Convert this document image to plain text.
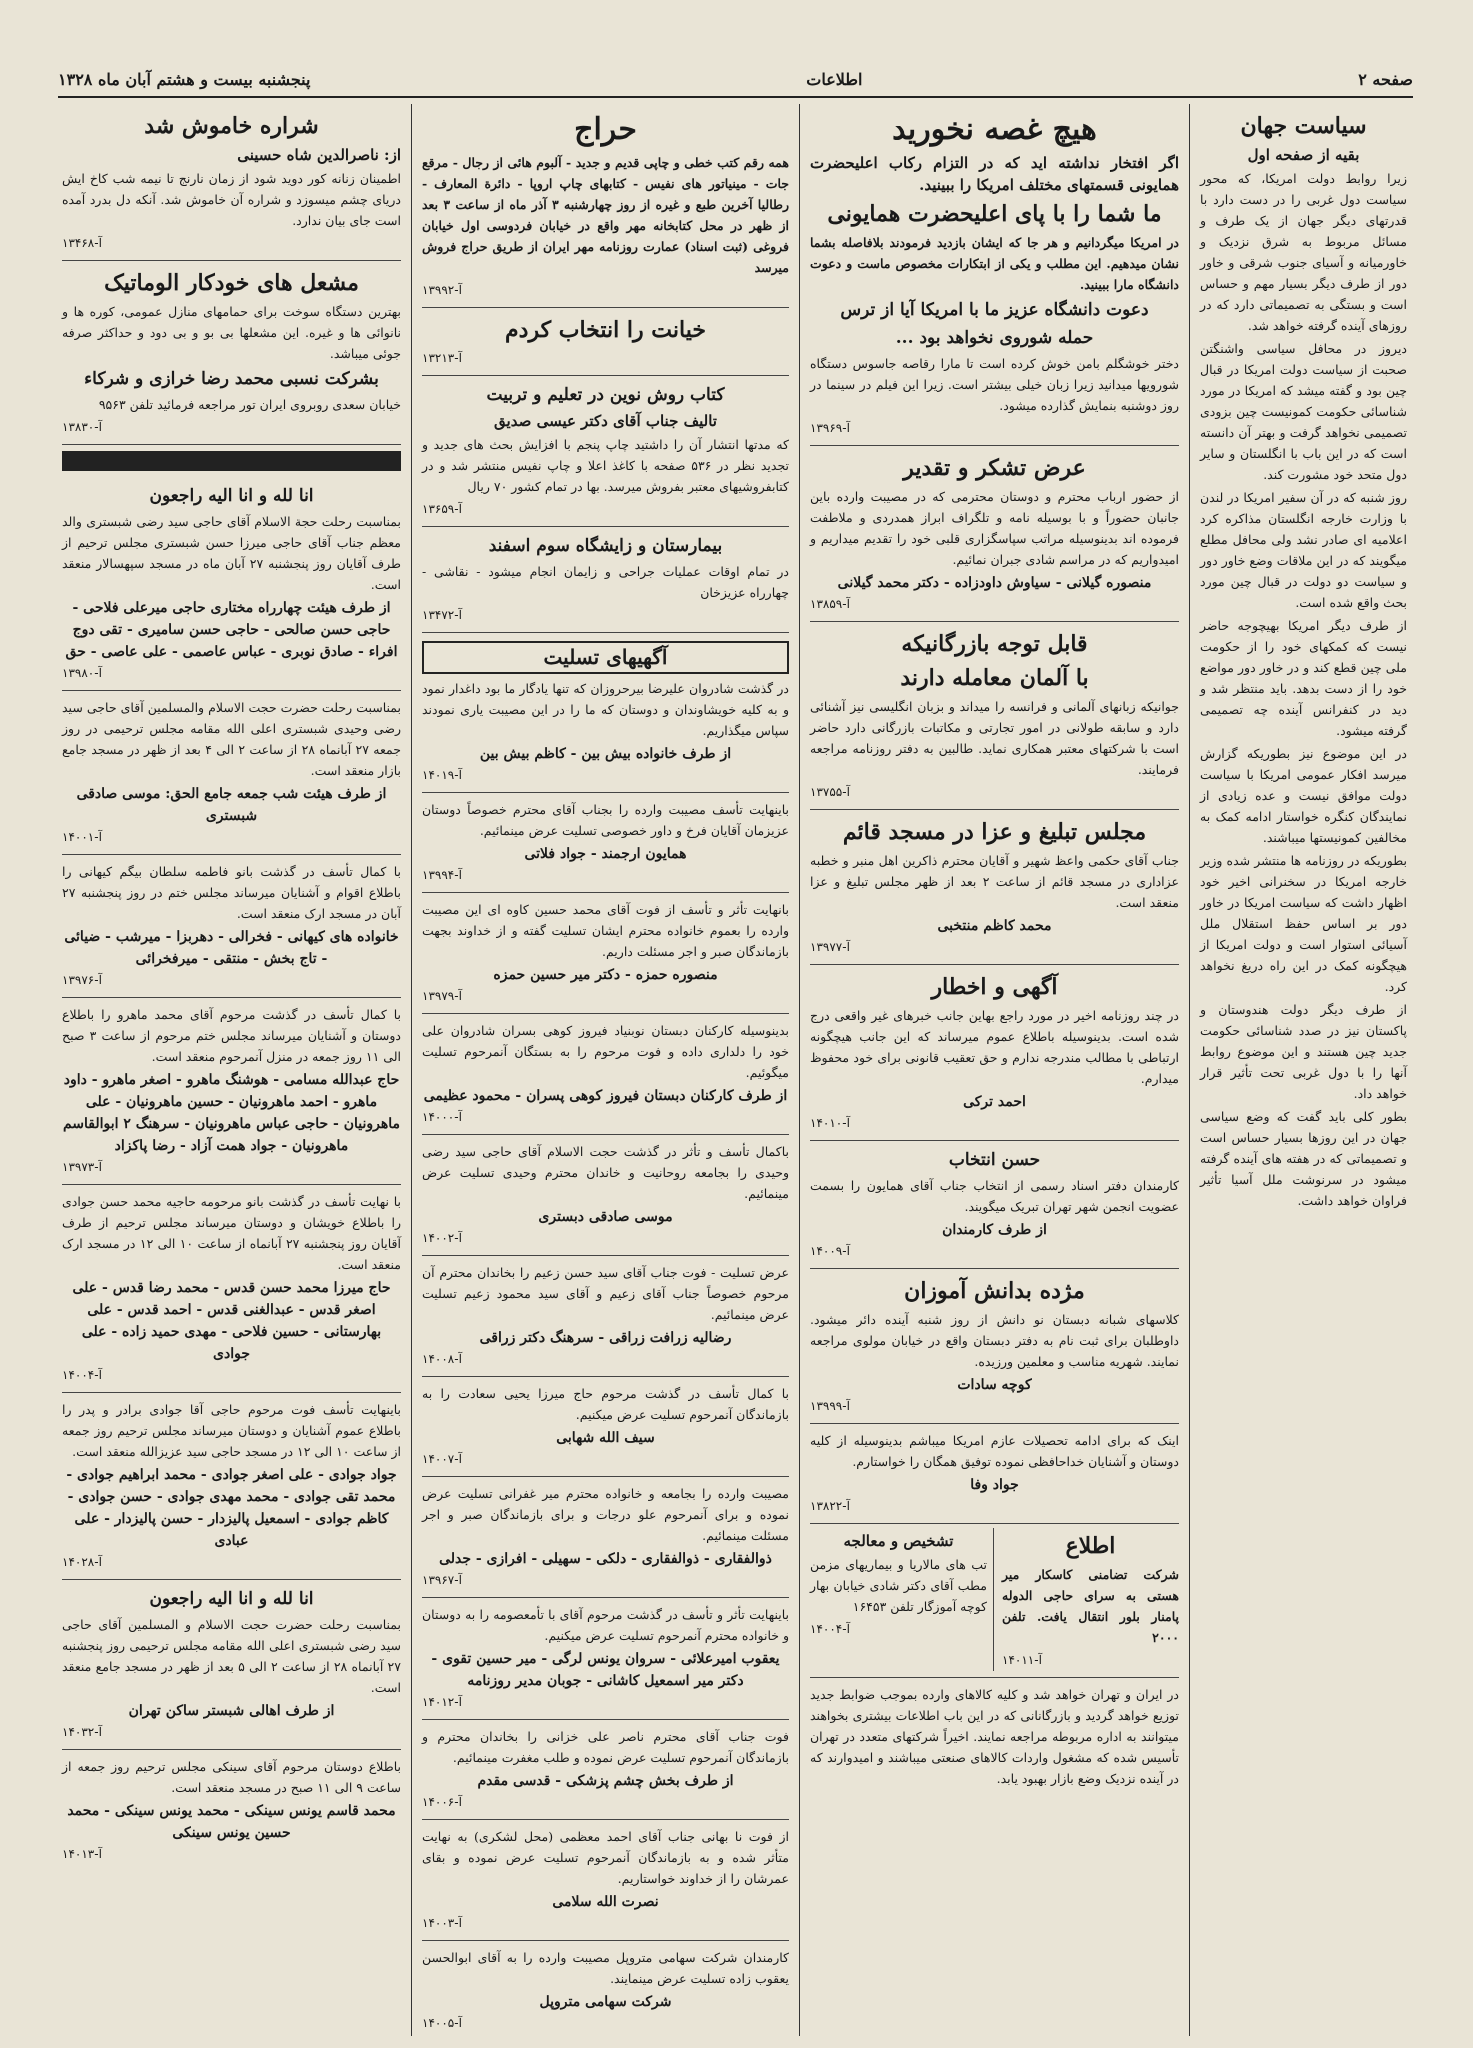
صفحه ۲
اطلاعات
پنجشنبه بیست و هشتم آبان ماه ۱۳۲۸
سیاست جهان
بقیه از صفحه اول

زیرا روابط دولت امریکا، که محور سیاست دول غربی را در دست دارد با قدرتهای دیگر جهان از یک طرف و مسائل مربوط به شرق نزدیک و خاورمیانه و آسیای جنوب شرقی و خاور دور از طرف دیگر بسیار مهم و حساس است و بستگی به تصمیماتی دارد که در روزهای آینده گرفته خواهد شد.

دیروز در محافل سیاسی واشنگتن صحبت از سیاست دولت امریکا در قبال چین بود و گفته میشد که امریکا در مورد شناسائی حکومت کمونیست چین بزودی تصمیمی نخواهد گرفت و بهتر آن دانسته است که در این باب با انگلستان و سایر دول متحد خود مشورت کند.

روز شنبه که در آن سفیر امریکا در لندن با وزارت خارجه انگلستان مذاکره کرد اعلامیه ای صادر نشد ولی محافل مطلع میگویند که در این ملاقات وضع خاور دور و سیاست دو دولت در قبال چین مورد بحث واقع شده است.

از طرف دیگر امریکا بهیچوجه حاضر نیست که کمکهای خود را از حکومت ملی چین قطع کند و در خاور دور مواضع خود را از دست بدهد. باید منتظر شد و دید در کنفرانس آینده چه تصمیمی گرفته میشود.

در این موضوع نیز بطوریکه گزارش میرسد افکار عمومی امریکا با سیاست دولت موافق نیست و عده زیادی از نمایندگان کنگره خواستار ادامه کمک به مخالفین کمونیستها میباشند.

بطوریکه در روزنامه ها منتشر شده وزیر خارجه امریکا در سخنرانی اخیر خود اظهار داشت که سیاست امریکا در خاور دور بر اساس حفظ استقلال ملل آسیائی استوار است و دولت امریکا از هیچگونه کمک در این راه دریغ نخواهد کرد.

از طرف دیگر دولت هندوستان و پاکستان نیز در صدد شناسائی حکومت جدید چین هستند و این موضوع روابط آنها را با دول غربی تحت تأثیر قرار خواهد داد.

بطور کلی باید گفت که وضع سیاسی جهان در این روزها بسیار حساس است و تصمیماتی که در هفته های آینده گرفته میشود در سرنوشت ملل آسیا تأثیر فراوان خواهد داشت.

هیچ غصه نخورید
اگر افتخار نداشته اید که در التزام رکاب اعلیحضرت همایونی قسمتهای مختلف امریکا را ببینید.
ما شما را با پای اعلیحضرت همایونی

در امریکا میگردانیم و هر جا که ایشان بازدید فرمودند بلافاصله بشما نشان میدهیم. این مطلب و یکی از ابتکارات مخصوص ماست و دعوت دانشگاه مارا ببینید.

دعوت دانشگاه عزیز ما با امریکا آیا از ترس
حمله شوروی نخواهد بود ...

دختر خوشگلم بامن خوش کرده است تا مارا رقاصه جاسوس دستگاه شورویها میدانید زیرا زبان خیلی بیشتر است. زیرا این فیلم در سینما در روز دوشنبه بنمایش گذارده میشود.

آ-۱۳۹۶۹
عرض تشکر و تقدیر

از حضور ارباب محترم و دوستان محترمی که در مصیبت وارده باین جانبان حضوراً و با بوسیله نامه و تلگراف ابراز همدردی و ملاطفت فرموده اند بدینوسیله مراتب سپاسگزاری قلبی خود را تقدیم میداریم و امیدواریم که در مراسم شادی جبران نمائیم.

منصوره گیلانی - سیاوش داودزاده - دکتر محمد گیلانی
آ-۱۳۸۵۹
قابل توجه بازرگانیکه
با آلمان معامله دارند

جوانیکه زبانهای آلمانی و فرانسه را میداند و بزبان انگلیسی نیز آشنائی دارد و سابقه طولانی در امور تجارتی و مکاتبات بازرگانی دارد حاضر است با شرکتهای معتبر همکاری نماید. طالبین به دفتر روزنامه مراجعه فرمایند.

آ-۱۳۷۵۵
مجلس تبلیغ و عزا در مسجد قائم

جناب آقای حکمی واعظ شهیر و آقایان محترم ذاکرین اهل منبر و خطبه عزاداری در مسجد قائم از ساعت ۲ بعد از ظهر مجلس تبلیغ و عزا منعقد است.

محمد کاظم منتخبی
آ-۱۳۹۷۷
آگهی و اخطار

در چند روزنامه اخیر در مورد راجع بهاین جانب خبرهای غیر واقعی درج شده است. بدینوسیله باطلاع عموم میرساند که این جانب هیچگونه ارتباطی با مطالب مندرجه ندارم و حق تعقیب قانونی برای خود محفوظ میدارم.

احمد ترکی
آ-۱۴۰۱۰
حسن انتخاب

کارمندان دفتر اسناد رسمی از انتخاب جناب آقای همایون را بسمت عضویت انجمن شهر تهران تبریک میگویند.

از طرف کارمندان
آ-۱۴۰۰۹
مژده بدانش آموزان

کلاسهای شبانه دبستان نو دانش از روز شنبه آینده دائر میشود. داوطلبان برای ثبت نام به دفتر دبستان واقع در خیابان مولوی مراجعه نمایند. شهریه مناسب و معلمین ورزیده.

کوچه سادات
آ-۱۳۹۹۹

اینک که برای ادامه تحصیلات عازم امریکا میباشم بدینوسیله از کلیه دوستان و آشنایان خداحافظی نموده توفیق همگان را خواستارم.

جواد وفا
آ-۱۳۸۲۲
اطلاع

شرکت تضامنی کاسکار میر هستی به سرای حاجی الدوله پامنار بلور انتقال یافت. تلفن ۲۰۰۰

آ-۱۴۰۱۱
تشخیص و معالجه

تب های مالاریا و بیماریهای مزمن مطب آقای دکتر شادی خیابان بهار کوچه آموزگار تلفن ۱۶۴۵۳

آ-۱۴۰۰۴

در ایران و تهران خواهد شد و کلیه کالاهای وارده بموجب ضوابط جدید توزیع خواهد گردید و بازرگانانی که در این باب اطلاعات بیشتری بخواهند میتوانند به اداره مربوطه مراجعه نمایند. اخیراً شرکتهای متعدد در تهران تأسیس شده که مشغول واردات کالاهای صنعتی میباشند و امیدوارند که در آینده نزدیک وضع بازار بهبود یابد.

حراج

همه رقم کتب خطی و چاپی قدیم و جدید - آلبوم هائی از رجال - مرقع جات - مینیاتور های نفیس - کتابهای چاپ اروپا - دائرة المعارف - رطالیا آخرین طبع و غیره از روز چهارشنبه ۳ آذر ماه از ساعت ۳ بعد از ظهر در محل کتابخانه مهر واقع در خیابان فردوسی اول خیابان فروغی (ثبت اسناد) عمارت روزنامه مهر ایران از طریق حراج فروش میرسد

آ-۱۳۹۹۲
خیانت را انتخاب کردم
آ-۱۳۲۱۳
کتاب روش نوین در تعلیم و تربیت
تالیف جناب آقای دکتر عیسی صدیق

که مدتها انتشار آن را داشتید چاپ پنجم با افزایش بحث های جدید و تجدید نظر در ۵۳۶ صفحه با کاغذ اعلا و چاپ نفیس منتشر شد و در کتابفروشیهای معتبر بفروش میرسد. بها در تمام کشور ۷۰ ریال

آ-۱۳۶۵۹
بیمارستان و زایشگاه سوم اسفند

در تمام اوقات عملیات جراحی و زایمان انجام میشود - نقاشی - چهارراه عزیزخان

آ-۱۳۴۷۲
آگهیهای تسلیت

در گذشت شادروان علیرضا بیرحروزان که تنها یادگار ما بود داغدار نمود و به کلیه خویشاوندان و دوستان که ما را در این مصیبت یاری نمودند سپاس میگذاریم.

از طرف خانواده بیش بین - کاظم بیش بین
آ-۱۴۰۱۹

باینهایت تأسف مصیبت وارده را بجناب آقای محترم خصوصاً دوستان عزیزمان آقایان فرخ و داور خصوصی تسلیت عرض مینمائیم.

همایون ارجمند - جواد فلاتی
آ-۱۳۹۹۴

بانهایت تأثر و تأسف از فوت آقای محمد حسین کاوه ای این مصیبت وارده را بعموم خانواده محترم ایشان تسلیت گفته و از خداوند بجهت بازماندگان صبر و اجر مسئلت داریم.

منصوره حمزه - دکتر میر حسین حمزه
آ-۱۳۹۷۹

بدینوسیله کارکنان دبستان نوبنیاد فیروز کوهی بسران شادروان علی خود را دلداری داده و فوت مرحوم را به بستگان آنمرحوم تسلیت میگوئیم.

از طرف کارکنان دبستان فیروز کوهی پسران - محمود عظیمی
آ-۱۴۰۰۰

باکمال تأسف و تأثر در گذشت حجت الاسلام آقای حاجی سید رضی وحیدی را بجامعه روحانیت و خاندان محترم وحیدی تسلیت عرض مینمائیم.

موسی صادقی دبستری
آ-۱۴۰۰۲

عرض تسلیت - فوت جناب آقای سید حسن زعیم را بخاندان محترم آن مرحوم خصوصاً جناب آقای زعیم و آقای سید محمود زعیم تسلیت عرض مینمائیم.

رضالیه زرافت زراقی - سرهنگ دکتر زراقی
آ-۱۴۰۰۸

با کمال تأسف در گذشت مرحوم حاج میرزا یحیی سعادت را به بازماندگان آنمرحوم تسلیت عرض میکنیم.

سیف الله شهابی
آ-۱۴۰۰۷

مصیبت وارده را بجامعه و خانواده محترم میر غفرانی تسلیت عرض نموده و برای آنمرحوم علو درجات و برای بازماندگان صبر و اجر مسئلت مینمائیم.

ذوالفقاری - ذوالفقاری - دلکی - سهیلی - افرازی - جدلی
آ-۱۳۹۶۷

باینهایت تأثر و تأسف در گذشت مرحوم آقای با تأمعصومه را به دوستان و خانواده محترم آنمرحوم تسلیت عرض میکنیم.

یعقوب امیرعلائی - سروان یونس لرگی - میر حسین تقوی - دکتر میر اسمعیل کاشانی - جوبان مدیر روزنامه
آ-۱۴۰۱۲

فوت جناب آقای محترم ناصر علی خزانی را بخاندان محترم و بازماندگان آنمرحوم تسلیت عرض نموده و طلب مغفرت مینمائیم.

از طرف بخش چشم پزشکی - قدسی مقدم
آ-۱۴۰۰۶

از فوت نا بهانی جناب آقای احمد معظمی (محل لشکری) به نهایت متأثر شده و به بازماندگان آنمرحوم تسلیت عرض نموده و بقای عمرشان را از خداوند خواستاریم.

نصرت الله سلامی
آ-۱۴۰۰۳

کارمندان شرکت سهامی متروپل مصیبت وارده را به آقای ابوالحسن یعقوب زاده تسلیت عرض مینمایند.

شرکت سهامی متروپل
آ-۱۴۰۰۵
شراره خاموش شد
از: ناصرالدین شاه حسینی

اطمینان زنانه کور دوید شود از زمان نارنج تا نیمه شب کاخ ایش دریای چشم میسوزد و شراره آن خاموش شد. آنکه دل بدرد آمده است جای بیان ندارد.

آ-۱۳۴۶۸
مشعل های خودکار الوماتیک

بهترین دستگاه سوخت برای حمامهای منازل عمومی، کوره ها و نانوائی ها و غیره. این مشعلها بی بو و بی دود و حداکثر صرفه جوئی میباشد.

بشرکت نسبی محمد رضا خرازی و شرکاء

خیابان سعدی روبروی ایران تور مراجعه فرمائید تلفن ۹۵۶۳

آ-۱۳۸۳۰
انا لله و انا الیه راجعون

بمناسبت رحلت حجة الاسلام آقای حاجی سید رضی شبستری والد معظم جناب آقای حاجی میرزا حسن شبستری مجلس ترحیم از طرف آقایان روز پنجشنبه ۲۷ آبان ماه در مسجد سپهسالار منعقد است.

از طرف هیئت چهارراه مختاری حاجی میرعلی فلاحی - حاجی حسن صالحی - حاجی حسن سامیری - تقی دوج افراء - صادق نوبری - عباس عاصمی - علی عاصی - حق
آ-۱۳۹۸۰

بمناسبت رحلت حضرت حجت الاسلام والمسلمین آقای حاجی سید رضی وحیدی شبستری اعلی الله مقامه مجلس ترحیمی در روز جمعه ۲۷ آبانماه ۲۸ از ساعت ۲ الی ۴ بعد از ظهر در مسجد جامع بازار منعقد است.

از طرف هیئت شب جمعه جامع الحق: موسی صادقی شبستری
آ-۱۴۰۰۱

با کمال تأسف در گذشت بانو فاطمه سلطان بیگم کیهانی را باطلاع اقوام و آشنایان میرساند مجلس ختم در روز پنجشنبه ۲۷ آبان در مسجد ارک منعقد است.

خانواده های کیهانی - فخرالی - دهربزا - میرشب - ضیائی - تاج بخش - منتقی - میرفخرائی
آ-۱۳۹۷۶

با کمال تأسف در گذشت مرحوم آقای محمد ماهرو را باطلاع دوستان و آشنایان میرساند مجلس ختم مرحوم از ساعت ۳ صبح الی ۱۱ روز جمعه در منزل آنمرحوم منعقد است.

حاج عبدالله مسامی - هوشنگ ماهرو - اصغر ماهرو - داود ماهرو - احمد ماهرونیان - حسین ماهرونیان - علی ماهرونیان - حاجی عباس ماهرونیان - سرهنگ ۲ ابوالقاسم ماهرونیان - جواد همت آزاد - رضا پاکزاد
آ-۱۳۹۷۳

با نهایت تأسف در گذشت بانو مرحومه حاجیه محمد حسن جوادی را باطلاع خویشان و دوستان میرساند مجلس ترحیم از طرف آقایان روز پنجشنبه ۲۷ آبانماه از ساعت ۱۰ الی ۱۲ در مسجد ارک منعقد است.

حاج میرزا محمد حسن قدس - محمد رضا قدس - علی اصغر قدس - عبدالغنی قدس - احمد قدس - علی بهارستانی - حسین فلاحی - مهدی حمید زاده - علی جوادی
آ-۱۴۰۰۴

باینهایت تأسف فوت مرحوم حاجی آقا جوادی برادر و پدر را باطلاع عموم آشنایان و دوستان میرساند مجلس ترحیم روز جمعه از ساعت ۱۰ الی ۱۲ در مسجد حاجی سید عزیزالله منعقد است.

جواد جوادی - علی اصغر جوادی - محمد ابراهیم جوادی - محمد تقی جوادی - محمد مهدی جوادی - حسن جوادی - کاظم جوادی - اسمعیل پالیزدار - حسن پالیزدار - علی عبادی
آ-۱۴۰۲۸
انا لله و انا الیه راجعون

بمناسبت رحلت حضرت حجت الاسلام و المسلمین آقای حاجی سید رضی شبستری اعلی الله مقامه مجلس ترحیمی روز پنجشنبه ۲۷ آبانماه ۲۸ از ساعت ۲ الی ۵ بعد از ظهر در مسجد جامع منعقد است.

از طرف اهالی شبستر ساکن تهران
آ-۱۴۰۳۲

باطلاع دوستان مرحوم آقای سینکی مجلس ترحیم روز جمعه از ساعت ۹ الی ۱۱ صبح در مسجد منعقد است.

محمد قاسم یونس سینکی - محمد یونس سینکی - محمد حسین یونس سینکی
آ-۱۴۰۱۳
